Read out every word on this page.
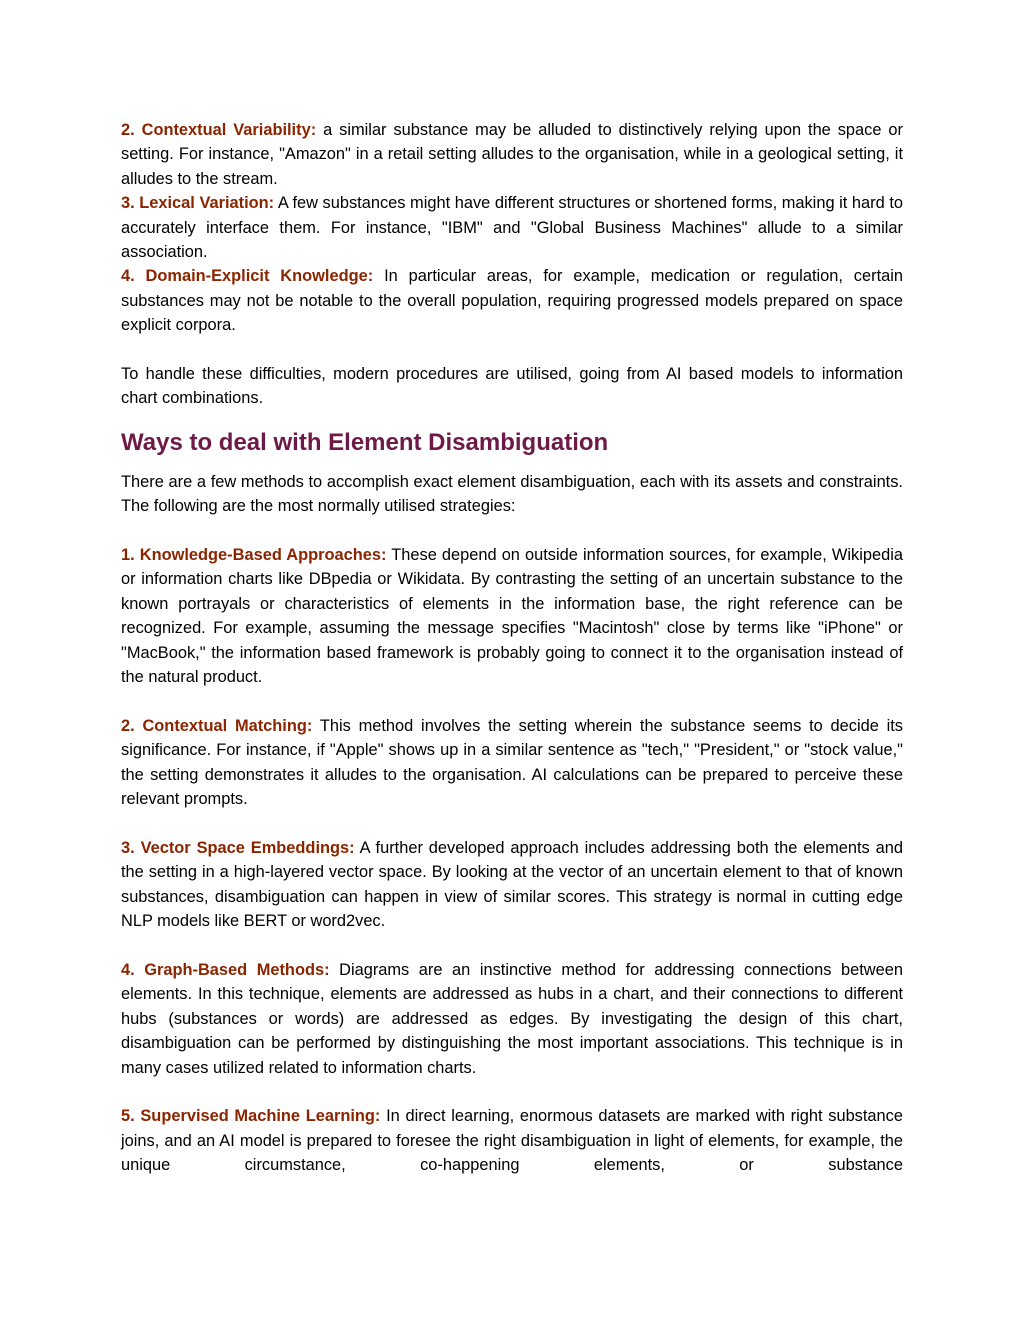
2. Contextual Variability: a similar substance may be alluded to distinctively relying upon the space or setting. For instance, "Amazon" in a retail setting alludes to the organisation, while in a geological setting, it alludes to the stream.

3. Lexical Variation: A few substances might have different structures or shortened forms, making it hard to accurately interface them. For instance, "IBM" and "Global Business Machines" allude to a similar association.

4. Domain-Explicit Knowledge: In particular areas, for example, medication or regulation, certain substances may not be notable to the overall population, requiring progressed models prepared on space explicit corpora.

To handle these difficulties, modern procedures are utilised, going from AI based models to information chart combinations.

Ways to deal with Element Disambiguation

There are a few methods to accomplish exact element disambiguation, each with its assets and constraints. The following are the most normally utilised strategies:

1. Knowledge-Based Approaches: These depend on outside information sources, for example, Wikipedia or information charts like DBpedia or Wikidata. By contrasting the setting of an uncertain substance to the known portrayals or characteristics of elements in the information base, the right reference can be recognized. For example, assuming the message specifies "Macintosh" close by terms like "iPhone" or "MacBook," the information based framework is probably going to connect it to the organisation instead of the natural product.

2. Contextual Matching: This method involves the setting wherein the substance seems to decide its significance. For instance, if "Apple" shows up in a similar sentence as "tech," "President," or "stock value," the setting demonstrates it alludes to the organisation. AI calculations can be prepared to perceive these relevant prompts.

3. Vector Space Embeddings: A further developed approach includes addressing both the elements and the setting in a high-layered vector space. By looking at the vector of an uncertain element to that of known substances, disambiguation can happen in view of similar scores. This strategy is normal in cutting edge NLP models like BERT or word2vec.

4. Graph-Based Methods: Diagrams are an instinctive method for addressing connections between elements. In this technique, elements are addressed as hubs in a chart, and their connections to different hubs (substances or words) are addressed as edges. By investigating the design of this chart, disambiguation can be performed by distinguishing the most important associations. This technique is in many cases utilized related to information charts.

5. Supervised Machine Learning: In direct learning, enormous datasets are marked with right substance joins, and an AI model is prepared to foresee the right disambiguation in light of elements, for example, the unique circumstance, co-happening elements, or substance
